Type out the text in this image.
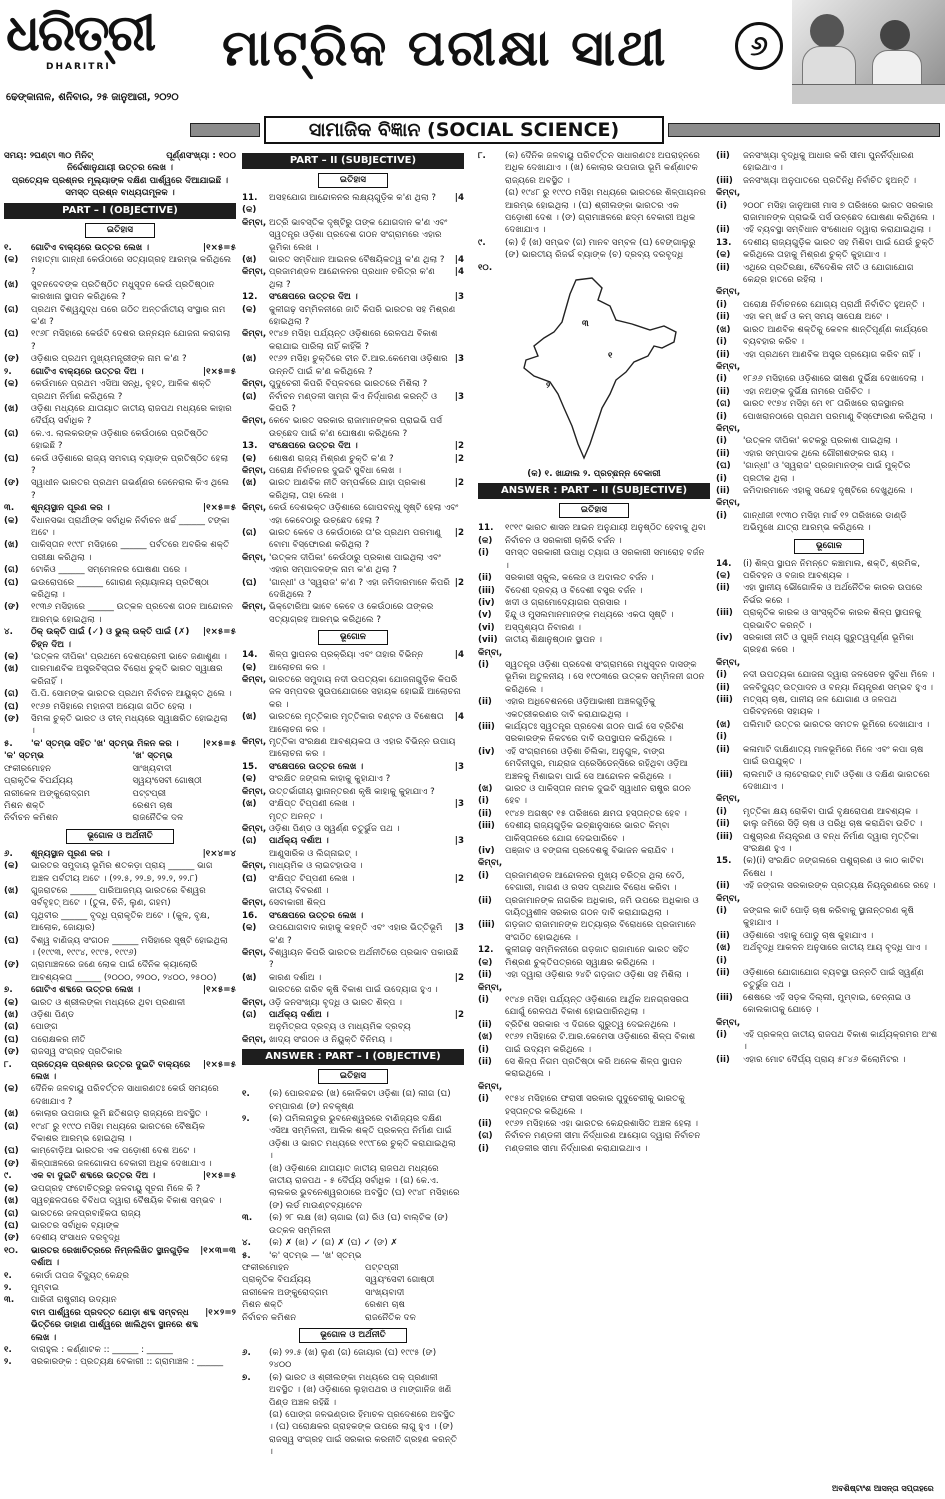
ଧରିତ୍ରୀ
DHARITRI
ଢେଙ୍କାନାଳ, ଶନିବାର, ୨୫ ଜାନୁଆରୀ, ୨୦୨୦
ମାଟ୍ରିକ ପରୀକ୍ଷା ସାଥୀ	୬
ସାମାଜିକ ବିଜ୍ଞାନ (SOCIAL SCIENCE)
ସମୟ: ୨ଘଣ୍ଟା ୩୦ ମିନିଟ୍	ପୂର୍ଣ୍ଣସଂଖ୍ୟା : ୧୦୦
ନିର୍ଦ୍ଦେଶାନୁଯାୟୀ ଉତ୍ତର ଲେଖ ।
ପ୍ରତ୍ୟେକ ପ୍ରଶ୍ନର ମୂଲ୍ୟାଙ୍କ ଦକ୍ଷିଣ ପାର୍ଶ୍ୱରେ ଦିଆଯାଇଛି ।
ସମସ୍ତ ପ୍ରଶ୍ନ ବାଧ୍ୟତାମୂଳକ ।
PART – I (OBJECTIVE)
ଇତିହାସ
୧.	ଗୋଟିଏ ବାକ୍ୟରେ ଉତ୍ତର ଲେଖ ।	|୧×୫=୫
(କ)	ମହାତ୍ମା ଗାନ୍ଧୀ କେଉଁଠାରେ ସତ୍ୟାଗ୍ରହ ଆରମ୍ଭ କରିଥିଲେ ?
(ଖ)	ସୁବନଦେବଙ୍କ ପ୍ରତିଷ୍ଠିତ ମଧୁସୂଦନ କେଉଁ ପ୍ରତିଷ୍ଠାନ କାରଖାନା ସ୍ଥାପନ କରିଥିଲେ ?
(ଗ)	ପ୍ରଥମ ବିଶ୍ୱଯୁଦ୍ଧ ପରେ ଗଠିତ ଅନ୍ତର୍ଜାତୀୟ ସଂସ୍ଥାର ନାମ କ'ଣ ?
(ଘ)	୧୯୬୮ ମସିହାରେ କେଉଁଟି ଦେଶର ଉନ୍ନୟନ ଯୋଜନା କରାଗଲା ?
(ଙ)	ଓଡ଼ିଶାର ପ୍ରଥମ ମୁଖ୍ୟମନ୍ତ୍ରୀଙ୍କ ନାମ କ'ଣ ?
୨.	ଗୋଟିଏ ବାକ୍ୟରେ ଉତ୍ତର ଦିଅ ।	|୧×୫=୫
(କ)	କେଉଁମାନେ ପ୍ରଥମ ଏସିଆ ସନ୍ଧି, ବୃହତ୍, ଆଳିକ ଶକ୍ତି ପ୍ରଥମ ନିର୍ମାଣ କରିଥିଲେ ?
(ଖ)	ଓଡ଼ିଶା ମଧ୍ୟରେ ଯାତାୟାତ ଜାତୀୟ ରାଜପଥ ମଧ୍ୟରେ କାହାର ଦୈର୍ଘ୍ୟ ସର୍ବାଧିକ ?
(ଗ)	କେ.ଏ. ଲାଲକରଙ୍କ ଓଡ଼ିଶାର କେଉଁଠାରେ ପ୍ରତିଷ୍ଠିତ ହୋଇଛି ?
(ଘ)	କେଉଁ ଓଡ଼ିଶାରେ ରାଜ୍ୟ ସମବାୟ ବ୍ୟାଙ୍କ ପ୍ରତିଷ୍ଠିତ ହେଲା ?
(ଙ)	ସ୍ୱାଧୀନ ଭାରତର ପ୍ରଥମ ଗଭର୍ଣ୍ଣର ଜେନେରାଲ କିଏ ଥିଲେ ?
୩.	ଶୂନ୍ୟସ୍ଥାନ ପୂରଣ କର ।	|୧×୫=୫
(କ)	ବିଧାନସଭା ପ୍ରାର୍ଥୀଙ୍କ ସର୍ବାଧିକ ନିର୍ବାଚନ ଖର୍ଚ୍ଚ ______ ଟଙ୍କା ଅଟେ ।
(ଖ)	ପାକିସ୍ତାନ ୧୯୯୮ ମସିହାରେ ______ ପର୍ବତରେ ଅବରିକ ଶକ୍ତି ପରୀକ୍ଷା କରିଥିଲା ।
(ଗ)	ଟୋକିଓ ______ ସମ୍ମେଳନର ଘୋଷଣା ପରେ ।
(ଘ)	ଇଉରୋପରେ ______ ଗୋରାଣ ନ୍ୟାୟାଳୟ ପ୍ରତିଷ୍ଠା କରିଥିଲା ।
(ଙ)	୧୯୩୬ ମସିହାରେ ______ ଉତ୍କଳ ପ୍ରଦେଶ ଗଠନ ଆନ୍ଦୋଳନ ଆରମ୍ଭ ହୋଇଥିଲା ।
୪.	ଠିକ୍ ଉକ୍ତି ପାଇଁ (✓) ଓ ଭୁଲ୍ ଉକ୍ତି ପାଇଁ (✗) ଚିହ୍ନ ଦିଅ ।
|୧×୫=୫
(କ)	'ଉତ୍କଳ ଦୀପିକା' ପ୍ରଥମେ ଦେଶପ୍ରେମୀ ଭାବେ ଜଣାଶୁଣା ।
(ଖ)	ପାରମାଣବିକ ଅସ୍ତ୍ରବିସ୍ତାର ବିରୋଧ ଚୁକ୍ତି ଭାରତ ସ୍ୱାକ୍ଷର କରିନାହିଁ ।
(ଗ)	ପି.ପି. ସୋମଙ୍କ ଭାରତର ପ୍ରଥମ ନିର୍ବାଚନ ଆୟୁକ୍ତ ଥିଲେ ।
(ଘ)	୧୯୬୭ ମସିହାରେ ମହାନଦୀ ଅୟୋଗ ଗଠିତ ହେଲା ।
(ଙ)	ସିମଳା ଚୁକ୍ତି ଭାରତ ଓ ଚୀନ୍ ମଧ୍ୟରେ ସ୍ୱାକ୍ଷରିତ ହୋଇଥିଲା ।
୫.	'କ' ସ୍ତମ୍ଭ ସହିତ 'ଖ' ସ୍ତମ୍ଭ ମିଳନ କର ।	|୧×୫=୫
'କ' ସ୍ତମ୍ଭ	'ଖ' ସ୍ତମ୍ଭ
ଫକୀରମୋହନ	ସାଂଖ୍ୟବାଦୀ
ପ୍ରାକୃତିକ ବିପର୍ଯ୍ୟୟ	ସ୍ୱୟଂସେବୀ ଗୋଷ୍ଠୀ
ନାରୀକେଳ ଅଙ୍କୁରୋଦ୍ଗମ	ପଟ୍ଟପ୍ରୀ
ମିଶନ ଶକ୍ତି	ରେଶମ ଚାଷ
ନିର୍ବାଚନ କମିଶନ	ରାଜନୈତିକ ଦଳ
ଭୂଗୋଳ ଓ ଅର୍ଥନୀତି
୬.	ଶୂନ୍ୟସ୍ଥାନ ପୂରଣ କର ।	|୧×୪=୪
(କ)	ଭାରତର ସମୁଦାୟ ଭୂମିର ଶତକଡ଼ା ପ୍ରାୟ ______ ଭାଗ ଅଞ୍ଚଳ ପର୍ବତୀୟ ଅଟେ । (୨୨.୫, ୨୨.୭, ୨୨.୨, ୨୨.୮)
(ଖ)	ଗୁଜରାଟରେ ______ ପାରିଆଜମ୍ୟ ଭାରତରେ ବିଶ୍ୱର ସର୍ବବୃହତ୍ ଅଟେ । (ତୁଳା, ଚିନି, ଲୁଣ, ଗହମ)
(ଗ)	ପୃଥିବୀର ______ ବୃଦ୍ଧି ପ୍ରାକୃତିକ ଅଟେ । (କୁଳ, ବୃକ୍ଷ, ଆଲୋକ, ଜୋୟାର)
(ଘ)	ବିଶ୍ୱ ବାଣିଜ୍ୟ ସଂଗଠନ ______ ମସିହାରେ ସୃଷ୍ଟି ହୋଇଥିଲା । (୧୯୯୩, ୧୯୯୪, ୧୯୯୫, ୧୯୯୬)
(ଙ)	ଗ୍ରାମାଞ୍ଚଳରେ ଜଣେ ଲୋକ ପାଇଁ ଦୈନିକ କ୍ୟାଲୋରି ଆବଶ୍ୟକତା ______ (୨୦୦୦, ୨୨୦୦, ୨୪୦୦, ୨୫୦୦)
୭.	ଗୋଟିଏ ଶବ୍ଦରେ ଉତ୍ତର ଲେଖ ।	|୧×୫=୫
(କ)	ଭାରତ ଓ ଶ୍ରୀଲଙ୍କା ମଧ୍ୟରେ ଥିବା ପ୍ରଣାଳୀ
(ଖ)	ଓଡ଼ିଶା ପିଣ୍ଡ
(ଗ)	ପୋଙ୍ଗ
(ଘ)	ପରୋକ୍ଷକର ନୀତି
(ଙ)	ରାଜସ୍ୱ ସଂଗ୍ରହ ପ୍ରତିକାର
୮.	ପ୍ରତ୍ୟେକ ପ୍ରଶ୍ନର ଉତ୍ତର ଦୁଇଟି ବାକ୍ୟରେ ଲେଖ ।
|୧×୫=୫
(କ)	ଦୈନିକ ଜଳବାୟୁ ପରିବର୍ତ୍ତନ ସାଧାରଣତଃ କେଉଁ ସମୟରେ ଦେଖାଯାଏ ?
(ଖ)	କୋଲାର ଉପଜାଉ ଭୂମି ଛତିଶଗଡ଼ ରାଜ୍ୟରେ ଅବସ୍ଥିତ ।
(ଗ)	୧୯୪୮ ରୁ ୧୯୯୦ ମସିହା ମଧ୍ୟରେ ଭାରତରେ ବୈଷୟିକ ବିକାଶର ଆରମ୍ଭ ହୋଇଥିଲା ।
(ଘ)	କାମ୍ବୋଡ଼ିଆ ଭାରତର ଏକ ପଡ଼ୋଶୀ ଦେଶ ଅଟେ ।
(ଙ)	ଶିଳ୍ପାଞ୍ଚଳରେ ଜଳଗୋଳାପ ବେକାରୀ ଅଧିକ ଦେଖାଯାଏ ।
୯.	ଏକ ବା ଦୁଇଟି ଶବ୍ଦରେ ଉତ୍ତର ଦିଅ ।	|୧×୫=୫
(କ)	ଉପଗ୍ରହ ଫଟୋଚିତ୍ରରୁ ଜଳବାୟୁ ସୂଚନା ମିଳେ କି ?
(ଖ)	ସ୍ୱଚ୍ଛଳତାରେ ବିବିଧତା ଦ୍ୱାରା ବୈଷୟିକ ବିକାଶ ସମ୍ଭବ ।
(ଗ)	ଭାରତରେ ଜଳପ୍ରବାହିକତା ରାଜ୍ୟ
(ଘ)	ଭାରତର ସର୍ବାଧିକ ବ୍ୟାଙ୍କ
(ଙ)	ଦେଶୀୟ ସଂସାଧନ ଦରବୃଦ୍ଧି
୧୦.	ଭାରତର ରେଖାଚିତ୍ରରେ ନିମ୍ନଲିଖିତ ସ୍ଥାନଗୁଡ଼ିକ ଦର୍ଶାଅ ।
|୧×୩=୩
୧.	କୋର୍ଡା ତାପଜ ବିଦ୍ୟୁତ୍ କେନ୍ଦ୍ର
୨.	ମୁମ୍ବାଇ
୩.	ପାରିଜୀ ରାଷ୍ଟ୍ରୀୟ ଉଦ୍ୟାନ
ବାମ ପାର୍ଶ୍ୱରେ ପ୍ରଦତ୍ତ ଯୋଡ଼ା ଶବ୍ଦ ସମ୍ବନ୍ଧ ଭିତ୍ତିରେ ଡାହାଣ ପାର୍ଶ୍ୱରେ ଖାଲିଥିବା ସ୍ଥାନରେ ଶବ୍ଦ ଲେଖ ।
|୧×୨=୨
୧.	ଦାରାହୁଲ : କର୍ଣ୍ଣାଟକ :: ______ : ______
୨.	ସରକାରଙ୍କ : ପ୍ରତ୍ୟକ୍ଷ ବେକାରୀ :: ଗ୍ରାମାଞ୍ଚଳ : ______
PART – II (SUBJECTIVE)
ଇତିହାସ
11.(କ)
ଅସହଯୋଗ ଆନ୍ଦୋଳନର ଲକ୍ଷ୍ୟଗୁଡ଼ିକ କ'ଣ ଥିଲା ?	|4
କିମ୍ବା, ଅତ୍ରି ଭାବସ୍ତିକ ଦୃଷ୍ଟିରୁ ତାଙ୍କ ଯୋଗଦାନ କ'ଣ ଏବଂ ସ୍ୱତନ୍ତ୍ର ଓଡ଼ିଶା ପ୍ରଦେଶ ଗଠନ ସଂଗ୍ରାମରେ ଏହାର ଭୂମିକା ଲେଖ ।
(ଖ)	ଭାରତ ସମ୍ବିଧାନ ଆଇନର ବୈଷୟିକତ୍ୱ କ'ଣ ଥିଲା ?	|4
କିମ୍ବା, ପ୍ରଜାମଣ୍ଡଳ ଆନ୍ଦୋଳନର ପ୍ରଧାନ ଚରିତ୍ର କ'ଣ ଥିଲା ?
|4
12.	ସଂକ୍ଷେପରେ ଉତ୍ତର ଦିଅ ।	|3
(କ)	କୁଳୀଗଢ଼ ସମ୍ମିଳନୀରେ ଜାତି କିପରି ଭାରତର ସହ ମିଶ୍ରଣ ହୋଇଥିଲା ?
କିମ୍ବା, ୧୯୪୭ ମସିହା ପର୍ଯ୍ୟନ୍ତ ଓଡ଼ିଶାରେ ରେଳପଥ ବିକାଶ କରାଯାଇ ପାରିଲା ନାହିଁ କାହିଁକି ?
(ଖ)	୧୯୬୨ ମସିହା ଚୁକ୍ତିରେ ଚୀନ ଟି.ଆର.କେମେସା ଓଡ଼ିଶାର ଉନ୍ନତି ପାଇଁ କ'ଣ କରିଥିଲେ ?
|3
କିମ୍ବା, ପୁଦୁଚେରୀ କିପରି ବିପ୍ଳବରେ ଭାରତରେ ମିଶିଲା ?
(ଗ)	ନିର୍ବାଚନ ମଣ୍ଡଳୀ ସାମ୍ନା କିଏ ନିର୍ଦ୍ଧାରଣ କରନ୍ତି ଓ କିପରି ?
|3
କିମ୍ବା, କେବେ ଭାରତ ସରକାର ରାଜାମାନଙ୍କର ପ୍ରାଇଭି ପର୍ସ ଉଚ୍ଛେଦ ପାଇଁ କ'ଣ ଘୋଷଣା କରିଥିଲେ ?
13.	ସଂକ୍ଷେପରେ ଉତ୍ତର ଦିଅ ।	|2
(କ)	ଶୋଷଣ ରାଜ୍ୟ ମିଶ୍ରଣ ଚୁକ୍ତି କ'ଣ ?	|2
କିମ୍ବା, ପରୋକ୍ଷ ନିର୍ବାଚନର ଦୁଇଟି ସୁବିଧା ଲେଖ ।
(ଖ)	ଭାରତ ଆଣବିକ ନୀତି ସମ୍ପର୍କରେ ଯାହା ପ୍ରକାଶ କରିଥିଲା, ତାହା ଲେଖ ।
|2
କିମ୍ବା, କେଉଁ ଦେଶଭକ୍ତ ଓଡ଼ିଶାରେ ଗୋପବନ୍ଧୁ ସୃଷ୍ଟି ହେଲା ଏବଂ ଏହା କେବେଠାରୁ ଉଚ୍ଛେଦ ହେଲା ?
(ଗ)	ଭାରତ କେବେ ଓ କେଉଁଠାରେ ତା'ର ପ୍ରଥମ ପରମାଣୁ ବୋମା ବିସ୍ଫୋରଣ କରିଥିଲା ?
|2
କିମ୍ବା, 'ଉତ୍କଳ ଦୀପିକା' କେଉଁଠାରୁ ପ୍ରକାଶ ପାଇଥିଲା ଏବଂ ଏହାର ସମ୍ପାଦକଙ୍କ ନାମ କ'ଣ ଥିଲା ?
(ଘ)	'ଗାନ୍ଧୀ' ଓ 'ସ୍ୱରାଜ' କ'ଣ ? ଏହା ଜମିଦାରମାନେ କିପରି ଦେଖିଥିଲେ ?
|2
କିମ୍ବା, ଭିକ୍ଟୋରିଆ ଭାବେ କେବେ ଓ କେଉଁଠାରେ ତାଙ୍କର ସତ୍ୟାଗ୍ରହ ଆରମ୍ଭ କରିଥିଲେ ?
ଭୂଗୋଳ
14.(କ)
ଶିଳ୍ପ ସ୍ଥାପନର ପ୍ରକ୍ରିୟା ଏବଂ ତାହାର ବିଭିନ୍ନ ଆଲୋଚନା କର ।
|4
କିମ୍ବା, ଭାରତରେ ସମୁଦାୟ ନଦୀ ଉପତ୍ୟକା ଯୋଜନାଗୁଡ଼ିକ କିପରି ଜଳ ସମ୍ପଦର ସୁଉପଯୋଗରେ ସହାୟକ ହୋଇଛି ଆଲୋଚନା କର ।
(ଖ)	ଭାରତରେ ମୃତ୍ତିକାର ମୃତ୍ତିକାର ବଣ୍ଟନ ଓ ବିଶେଷତା ଆଲୋଚନା କର ।
|4
କିମ୍ବା, ମୃତ୍ତିକା ସଂରକ୍ଷଣ ଆବଶ୍ୟକତା ଓ ଏହାର ବିଭିନ୍ନ ଉପାୟ ଆଲୋଚନା କର ।
15.	ସଂକ୍ଷେପରେ ଉତ୍ତର ଲେଖ ।	|3
(କ)	ସଂରକ୍ଷିତ ଜଙ୍ଗଲ କାହାକୁ କୁହାଯାଏ ?
କିମ୍ବା, ଉତ୍ତର୍ଭାଗୀୟ ସ୍ଥାନାନ୍ତରଣ କୃଷି କାହାକୁ କୁହାଯାଏ ?
(ଖ)	ସଂକ୍ଷିପ୍ତ ଟିପ୍ପଣୀ ଲେଖ ।	|3
ମୃତ୍ତ ଅନନ୍ତ ।
କିମ୍ବା, ଓଡ଼ିଶା ପିଣ୍ଡ ଓ ସ୍ୱର୍ଣ୍ଣ ଚତୁର୍ଭୁଜ ପଥ ।
(ଗ)	ପାର୍ଥକ୍ୟ ଦର୍ଶାଅ ।	|3
ଆଣୁସାରିକ ଓ ଲିଗ୍ନାଇଟ୍ ।
କିମ୍ବା, ମାଧ୍ୟମିକ ଓ ଲାଇଟହାଉସ ।
(ଘ)	ସଂକ୍ଷିପ୍ତ ଟିପ୍ପଣୀ ଲେଖ ।	|2
ଜାତୀୟ ବିବରଣୀ ।
କିମ୍ବା, ସେବାକାରୀ ଶିଳ୍ପ
16.	ସଂକ୍ଷେପରେ ଉତ୍ତର ଲେଖ ।
(କ)	ଉପଯୋଗବାଦ କାହାକୁ କହନ୍ତି ଏବଂ ଏହାର ଭିତ୍ତିଭୂମି କ'ଣ ?
|3
କିମ୍ବା, ବିଶ୍ୱାୟନ କିପରି ଭାରତର ଅର୍ଥନୀତିରେ ପ୍ରଭାବ ପକାଉଛି ?
(ଖ)	କାରଣ ଦର୍ଶାଅ ।	|2
ଭାରତରେ ଗରିବ କୃଷି ବିକାଶ ପାଇଁ ଉଦ୍ୟୋଗ ହୁଏ ।
କିମ୍ବା, ଓଡ଼ି ଜନସଂଖ୍ୟା ବୃଦ୍ଧି ଓ ଭାରତ ଶିଳ୍ପ ।
(ଗ)	ପାର୍ଥକ୍ୟ ଦର୍ଶାଅ ।	|2
ଅନୁମିତ୍ରତା ଦ୍ରବ୍ୟ ଓ ମାଧ୍ୟମିକ ଦ୍ରବ୍ୟ
କିମ୍ବା, ଖାଦ୍ୟ ସଂଗଠନ ଓ ନିୟୁକ୍ତି ବିନିମୟ ।
ANSWER : PART – I (OBJECTIVE)
ଇତିହାସ
୧.	(କ) ପୋରବନ୍ଦର (ଖ) କୋଳିକଟା ଓଡ଼ିଶା (ଗ) ଲୀଗ (ଘ) ଚମ୍ପାରଣ (ଙ) ନବକୃଷ୍ଣ
୨.	(କ) ତାମିଲନାଡୁର ଭୁବନେଶ୍ୱରରେ ବାଣିଜ୍ୟର ଦକ୍ଷିଣ ଏସିଆ ସମ୍ମିଳନୀ, ଆଲିକ ଶକ୍ତି ପ୍ରକଳ୍ପ ନିର୍ମାଣ ପାଇଁ ଓଡ଼ିଶା ଓ ଭାରତ ମଧ୍ୟରେ ୧୯୯୮ରେ ଚୁକ୍ତି କରାଯାଇଥିଲା ।
(ଖ) ଓଡ଼ିଶାରେ ଯାତାୟାତ ଜାତୀୟ ରାଜପଥ ମଧ୍ୟରେ ଜାତୀୟ ରାଜପଥ - ୫ ଦୈର୍ଘ୍ୟ ସର୍ବାଧିକ । (ଗ) କେ.ଏ. ଲାଲକର ଭୁବନେଶ୍ୱରଠାରେ ଅବସ୍ଥିତ (ଘ) ୧୯୪୮ ମସିହାରେ (ଙ) ଲର୍ଡ ମାଉଣ୍ଟବ୍ୟାଟେନ
୩.	(କ) ୨୮ ଲକ୍ଷ (ଖ) ଚାଗାଇ (ଗ) ରିଓ (ଘ) ବାଲ୍ଟିକ (ଙ) ଉତ୍କଳ ସମ୍ମିଳନୀ
୪.	(କ) ✗ (ଖ) ✓ (ଗ) ✗ (ଘ) ✓ (ଙ) ✗
୫.	'କ' ସ୍ତମ୍ଭ — 'ଖ' ସ୍ତମ୍ଭ
ଫକୀରମୋହନ	ପଟ୍ଟପ୍ରୀ
ପ୍ରାକୃତିକ ବିପର୍ଯ୍ୟୟ	ସ୍ୱୟଂସେବୀ ଗୋଷ୍ଠୀ
ନାରୀକେଳ ଅଙ୍କୁରୋଦ୍ଗମ	ସାଂଖ୍ୟବାଦୀ
ମିଶନ ଶକ୍ତି	ରେଶମ ଚାଷ
ନିର୍ବାଚନ କମିଶନ	ରାଜନୈତିକ ଦଳ
ଭୂଗୋଳ ଓ ଅର୍ଥନୀତି
୬.	(କ) ୨୨.୫ (ଖ) ଲୁଣ (ଗ) ଜୋୟାର (ଘ) ୧୯୯୫ (ଙ) ୨୪୦୦
୭.	(କ) ଭାରତ ଓ ଶ୍ରୀଲଙ୍କା ମଧ୍ୟରେ ପକ୍ ପ୍ରଣାଳୀ ଅବସ୍ଥିତ । (ଖ) ଓଡ଼ିଶାରେ ଲୁହାପଥର ଓ ମାଙ୍ଗାନିଜ ଖଣି ପିଣ୍ଡ ଅଞ୍ଚଳ ରହିଛି ।
(ଗ) ପୋଙ୍ଗ ଜଳଭଣ୍ଡାର ହିମାଚଳ ପ୍ରଦେଶରେ ଅବସ୍ଥିତ । (ଘ) ପରୋକ୍ଷକର ଗ୍ରାହକଙ୍କ ଉପରେ ଲାଗୁ ହୁଏ । (ଙ) ରାଜସ୍ୱ ସଂଗ୍ରହ ପାଇଁ ସରକାର କରନୀତି ଗ୍ରହଣ କରନ୍ତି ।
୮.	(କ) ଦୈନିକ ଜଳବାୟୁ ପରିବର୍ତ୍ତନ ସାଧାରଣତଃ ଅପରାହ୍ନରେ ଅଧିକ ଦେଖାଯାଏ । (ଖ) କୋଲାର ଉପଜାଉ ଭୂମି କର୍ଣ୍ଣାଟକ ରାଜ୍ୟରେ ଅବସ୍ଥିତ ।
(ଗ) ୧୯୪୮ ରୁ ୧୯୯୦ ମସିହା ମଧ୍ୟରେ ଭାରତରେ ଶିଳ୍ପାୟନର ଆରମ୍ଭ ହୋଇଥିଲା । (ଘ) ଶ୍ରୀଲଙ୍କା ଭାରତର ଏକ ପଡ଼ୋଶୀ ଦେଶ । (ଙ) ଗ୍ରାମାଞ୍ଚଳରେ ଛଦ୍ମ ବେକାରୀ ଅଧିକ ଦେଖାଯାଏ ।
୯.	(କ) ହଁ (ଖ) ସମ୍ଭବ (ଗ) ମାନବ ସମ୍ବଳ (ଘ) ବେଙ୍ଗାଲୁରୁ (ଙ) ଭାରତୀୟ ରିଜର୍ଭ ବ୍ୟାଙ୍କ (ଚ) ଦ୍ରବ୍ୟ ଦରବୃଦ୍ଧି
୧୦.
୩
୧
୨
(କ) ୧. ଖାନ୍ଦାଲ ୨. ପ୍ରଚ୍ଛନ୍ନ ବେକାରୀ
ANSWER : PART – II (SUBJECTIVE)
ଇତିହାସ
11.(କ)
୧୯୧୯ ଭାରତ ଶାସନ ଆଇନ ଅନୁଯାୟୀ ଅନୁଷ୍ଠିତ ହେବାକୁ ଥିବା ନିର୍ବାଚନ ଓ ସରକାରୀ ଚାକିରି ବର୍ଜନ ।
(i)	ସମସ୍ତ ସରକାରୀ ଉପାଧି ତ୍ୟାଗ ଓ ସରକାରୀ ସମାରୋହ ବର୍ଜନ ।
(ii)	ସରକାରୀ ସ୍କୁଲ, କଲେଜ ଓ ଅଦାଲତ ବର୍ଜନ ।
(iii)	ବିଦେଶୀ ଦ୍ରବ୍ୟ ଓ ବିଦେଶୀ ବସ୍ତ୍ର ବର୍ଜନ ।
(iv)	ଖଦୀ ଓ ଗ୍ରାମୋଦ୍ୟୋଗର ପ୍ରସାର ।
(v)	ହିନ୍ଦୁ ଓ ମୁସଲମାନମାନଙ୍କ ମଧ୍ୟରେ ଏକତା ସୃଷ୍ଟି ।
(vi)	ଅସ୍ପୃଶ୍ୟତା ନିବାରଣ ।
(vii) ଜାତୀୟ ଶିକ୍ଷାନୁଷ୍ଠାନ ସ୍ଥାପନ ।
କିମ୍ବା,
(i)	ସ୍ୱତନ୍ତ୍ର ଓଡ଼ିଶା ପ୍ରଦେଶ ସଂଗ୍ରାମରେ ମଧୁସୂଦନ ଦାସଙ୍କ ଭୂମିକା ଅତୁଳନୀୟ । ସେ ୧୯୦୩ରେ ଉତ୍କଳ ସମ୍ମିଳନୀ ଗଠନ କରିଥିଲେ ।
(ii)	ଏହାର ଅଧିବେଶନରେ ଓଡ଼ିଆଭାଷୀ ଅଞ୍ଚଳଗୁଡ଼ିକୁ ଏକତ୍ରୀକରଣର ଦାବି କରାଯାଇଥିଲା ।
(iii)	କାର୍ଯ୍ୟତଃ ସ୍ୱତନ୍ତ୍ର ପ୍ରଦେଶ ଗଠନ ପାଇଁ ସେ ବ୍ରିଟିଶ ସରକାରଙ୍କ ନିକଟରେ ଦାବି ଉପସ୍ଥାପନ କରିଥିଲେ ।
(iv)	ଏହି ସଂଗ୍ରାମରେ ଓଡ଼ିଶା ଚିଲିକା, ଅନୁଗୁଳ, ବାଙ୍ଗ ମେଦିନୀପୁର, ମାନ୍ଦ୍ରାଜ ପ୍ରେସିଡେନ୍ସିରେ ରହିଥିବା ଓଡ଼ିଆ ଅଞ୍ଚଳକୁ ମିଶାଇବା ପାଇଁ ସେ ଆନ୍ଦୋଳନ କରିଥିଲେ ।
(ଖ)(i)
ଭାରତ ଓ ପାକିସ୍ତାନ ନାମକ ଦୁଇଟି ସ୍ୱାଧୀନ ରାଷ୍ଟ୍ର ଗଠନ ହେବ ।
(ii)	୧୯୪୭ ଅଗଷ୍ଟ ୧୫ ତାରିଖରେ କ୍ଷମତା ହସ୍ତାନ୍ତର ହେବ ।
(iii)	ଦେଶୀୟ ରାଜ୍ୟଗୁଡ଼ିକ ଇଚ୍ଛାନୁସାରେ ଭାରତ କିମ୍ବା ପାକିସ୍ତାନରେ ଯୋଗ ଦେଇପାରିବେ ।
(iv)	ପଞ୍ଜାବ ଓ ବଙ୍ଗଳା ପ୍ରଦେଶକୁ ବିଭାଜନ କରାଯିବ ।
କିମ୍ବା,
(i)	ପ୍ରଜାମଣ୍ଡଳ ଆନ୍ଦୋଳନର ମୁଖ୍ୟ ଚରିତ୍ର ଥିଲା ବେଠି, ବେଗାରୀ, ମାଗଣ ଓ ରସଦ ପ୍ରଥାର ବିରୋଧ କରିବା ।
(ii)	ପ୍ରଜାମାନଙ୍କ ନାଗରିକ ଅଧିକାର, ଜମି ଉପରେ ଅଧିକାର ଓ ଦାୟିତ୍ୱଶୀଳ ସରକାର ଗଠନ ଦାବି କରାଯାଇଥିଲା ।
(iii)	ଗଡ଼ଜାତ ରାଜାମାନଙ୍କ ଅତ୍ୟାଚାର ବିରୋଧରେ ପ୍ରଜାମାନେ ସଂଗଠିତ ହୋଇଥିଲେ ।
12.(କ)
କୁଳୀଗଢ଼ ସମ୍ମିଳନୀରେ ଗଡ଼ଜାତ ରାଜାମାନେ ଭାରତ ସହିତ ମିଶ୍ରଣ ଚୁକ୍ତିପତ୍ରରେ ସ୍ୱାକ୍ଷର କରିଥିଲେ ।
(ii)	ଏହା ଦ୍ୱାରା ଓଡ଼ିଶାର ୨୪ଟି ଗଡ଼ଜାତ ଓଡ଼ିଶା ସହ ମିଶିଲା ।
କିମ୍ବା,
(i)	୧୯୪୭ ମସିହା ପର୍ଯ୍ୟନ୍ତ ଓଡ଼ିଶାରେ ଆର୍ଥିକ ଅନଗ୍ରସରତା ଯୋଗୁଁ ରେଳପଥ ବିକାଶ ହୋଇପାରିନଥିଲା ।
(ii)	ବ୍ରିଟିଶ ସରକାର ଏ ଦିଗରେ ଗୁରୁତ୍ୱ ଦେଇନଥିଲେ ।
(ଖ)(i)
୧୯୬୨ ମସିହାରେ ଟି.ଆର.କେମେସା ଓଡ଼ିଶାରେ ଶିଳ୍ପ ବିକାଶ ପାଇଁ ଉଦ୍ୟମ କରିଥିଲେ ।
(ii)	ସେ ଶିଳ୍ପ ନିଗମ ପ୍ରତିଷ୍ଠା କରି ଅନେକ ଶିଳ୍ପ ସ୍ଥାପନ କରାଇଥିଲେ ।
କିମ୍ବା,
(i)	୧୯୫୪ ମସିହାରେ ଫରାସୀ ସରକାର ପୁଦୁଚେରୀକୁ ଭାରତକୁ ହସ୍ତାନ୍ତର କରିଥିଲେ ।
(ii)	୧୯୬୨ ମସିହାରେ ଏହା ଭାରତର କେନ୍ଦ୍ରଶାସିତ ଅଞ୍ଚଳ ହେଲା ।
(ଗ)(i)
ନିର୍ବାଚନ ମଣ୍ଡଳୀ ସୀମା ନିର୍ଦ୍ଧାରଣ ଆୟୋଗ ଦ୍ୱାରା ନିର୍ବାଚନ ମଣ୍ଡଳୀର ସୀମା ନିର୍ଦ୍ଧାରଣ କରାଯାଇଥାଏ ।
(ii)	ଜନସଂଖ୍ୟା ବୃଦ୍ଧିକୁ ଆଧାର କରି ସୀମା ପୁନର୍ନିର୍ଦ୍ଧାରଣ ହୋଇଥାଏ ।
(iii)	ଜନସଂଖ୍ୟା ଅନୁପାତରେ ପ୍ରତିନିଧି ନିର୍ବାଚିତ ହୁଅନ୍ତି ।
କିମ୍ବା,
(i)	୨୦୦୮ ମସିହା ଜାନୁଆରୀ ମାସ ୭ ତାରିଖରେ ଭାରତ ସରକାର ରାଜାମାନଙ୍କ ପ୍ରାଇଭି ପର୍ସ ଉଚ୍ଛେଦ ଘୋଷଣା କରିଥିଲେ ।
(ii)	ଏହି ବ୍ୟବସ୍ଥା ସମ୍ବିଧାନ ସଂଶୋଧନ ଦ୍ୱାରା କରାଯାଇଥିଲା ।
13.(କ)
ଦେଶୀୟ ରାଜ୍ୟଗୁଡ଼ିକ ଭାରତ ସହ ମିଶିବା ପାଇଁ ଯେଉଁ ଚୁକ୍ତି କରିଥିଲେ ତାହାକୁ ମିଶ୍ରଣ ଚୁକ୍ତି କୁହାଯାଏ ।
(ii)	ଏଥିରେ ପ୍ରତିରକ୍ଷା, ବୈଦେଶିକ ନୀତି ଓ ଯୋଗାଯୋଗ କେନ୍ଦ୍ର ହାତରେ ରହିଲା ।
କିମ୍ବା,
(i)	ପରୋକ୍ଷ ନିର୍ବାଚନରେ ଯୋଗ୍ୟ ପ୍ରାର୍ଥୀ ନିର୍ବାଚିତ ହୁଅନ୍ତି ।
(ii)	ଏହା କମ୍ ଖର୍ଚ୍ଚ ଓ କମ୍ ସମୟ ସାପେକ୍ଷ ଅଟେ ।
(ଖ)(i)
ଭାରତ ଆଣବିକ ଶକ୍ତିକୁ କେବଳ ଶାନ୍ତିପୂର୍ଣ୍ଣ କାର୍ଯ୍ୟରେ ବ୍ୟବହାର କରିବ ।
(ii)	ଏହା ପ୍ରଥମେ ଆଣବିକ ଅସ୍ତ୍ର ପ୍ରୟୋଗ କରିବ ନାହିଁ ।
କିମ୍ବା,
(i)	୧୮୬୬ ମସିହାରେ ଓଡ଼ିଶାରେ ଭୀଷଣ ଦୁର୍ଭିକ୍ଷ ଦେଖାଦେଲା ।
(ii)	ଏହା ନଅଙ୍କ ଦୁର୍ଭିକ୍ଷ ନାମରେ ପରିଚିତ ।
(ଗ)(i)
ଭାରତ ୧୯୭୪ ମସିହା ମେ ୧୮ ତାରିଖରେ ରାଜସ୍ଥାନର ପୋଖରାନଠାରେ ପ୍ରଥମ ପରମାଣୁ ବିସ୍ଫୋରଣ କରିଥିଲା ।
କିମ୍ବା,
(i)	'ଉତ୍କଳ ଦୀପିକା' କଟକରୁ ପ୍ରକାଶ ପାଇଥିଲା ।
(ii)	ଏହାର ସମ୍ପାଦକ ଥିଲେ ଗୌରୀଶଙ୍କର ରାୟ ।
(ଘ)(i)
'ଗାନ୍ଧୀ' ଓ 'ସ୍ୱରାଜ' ପ୍ରଜାମାନଙ୍କ ପାଇଁ ମୁକ୍ତିର ପ୍ରତୀକ ଥିଲା ।
(ii)	ଜମିଦାରମାନେ ଏହାକୁ ସନ୍ଦେହ ଦୃଷ୍ଟିରେ ଦେଖୁଥିଲେ ।
କିମ୍ବା,
(i)	ଗାନ୍ଧୀଜୀ ୧୯୩୦ ମସିହା ମାର୍ଚ୍ଚ ୧୨ ତାରିଖରେ ଡାଣ୍ଡି ଅଭିମୁଖେ ଯାତ୍ରା ଆରମ୍ଭ କରିଥିଲେ ।
ଭୂଗୋଳ
14.(କ)
(i) ଶିଳ୍ପ ସ୍ଥାପନ ନିମନ୍ତେ କଞ୍ଚାମାଲ, ଶକ୍ତି, ଶ୍ରମିକ, ପରିବହନ ଓ ବଜାର ଆବଶ୍ୟକ ।
(ii)	ଏହା ସ୍ଥାନୀୟ ଭୌଗୋଳିକ ଓ ଅର୍ଥନୈତିକ କାରକ ଉପରେ ନିର୍ଭର କରେ ।
(iii)	ପ୍ରାକୃତିକ କାରକ ଓ ସାଂସ୍କୃତିକ କାରକ ଶିଳ୍ପ ସ୍ଥାପନକୁ ପ୍ରଭାବିତ କରନ୍ତି ।
(iv)	ସରକାରୀ ନୀତି ଓ ପୁଞ୍ଜି ମଧ୍ୟ ଗୁରୁତ୍ୱପୂର୍ଣ୍ଣ ଭୂମିକା ଗ୍ରହଣ କରେ ।
କିମ୍ବା,
(i)	ନଦୀ ଉପତ୍ୟକା ଯୋଜନା ଦ୍ୱାରା ଜଳସେଚନ ସୁବିଧା ମିଳେ ।
(ii)	ଜଳବିଦ୍ୟୁତ୍ ଉତ୍ପାଦନ ଓ ବନ୍ୟା ନିୟନ୍ତ୍ରଣ ସମ୍ଭବ ହୁଏ ।
(iii)	ମତ୍ସ୍ୟ ଚାଷ, ପାନୀୟ ଜଳ ଯୋଗାଣ ଓ ଜଳପଥ ପରିବହନରେ ସହାୟକ ।
(ଖ)(i)
ପଲିମାଟି ଉତ୍ତର ଭାରତର ସମତଳ ଭୂମିରେ ଦେଖାଯାଏ ।
(ii)	କଳାମାଟି ଦାକ୍ଷିଣାତ୍ୟ ମାଳଭୂମିରେ ମିଳେ ଏବଂ କପା ଚାଷ ପାଇଁ ଉପଯୁକ୍ତ ।
(iii)	ଲାଲମାଟି ଓ ଲାଟେରାଇଟ୍ ମାଟି ଓଡ଼ିଶା ଓ ଦକ୍ଷିଣ ଭାରତରେ ଦେଖାଯାଏ ।
କିମ୍ବା,
(i)	ମୃତ୍ତିକା କ୍ଷୟ ରୋକିବା ପାଇଁ ବୃକ୍ଷରୋପଣ ଆବଶ୍ୟକ ।
(ii)	ଢାଲୁ ଜମିରେ ସିଡ଼ି ଚାଷ ଓ ପରିଧି ଚାଷ କରାଯିବା ଉଚିତ ।
(iii)	ପଶୁଚାରଣ ନିୟନ୍ତ୍ରଣ ଓ ବନ୍ଧ ନିର୍ମାଣ ଦ୍ୱାରା ମୃତ୍ତିକା ସଂରକ୍ଷଣ ହୁଏ ।
15.	(କ)(i) ସଂରକ୍ଷିତ ଜଙ୍ଗଲରେ ପଶୁଚାରଣ ଓ କାଠ କାଟିବା ନିଷେଧ ।
(ii)	ଏହି ଜଙ୍ଗଲ ସରକାରଙ୍କ ପ୍ରତ୍ୟକ୍ଷ ନିୟନ୍ତ୍ରଣରେ ରହେ ।
କିମ୍ବା,
(i)	ଜଙ୍ଗଲ କାଟି ପୋଡ଼ି ଚାଷ କରିବାକୁ ସ୍ଥାନାନ୍ତରଣ କୃଷି କୁହାଯାଏ ।
(ii)	ଓଡ଼ିଶାରେ ଏହାକୁ ପୋଡୁ ଚାଷ କୁହାଯାଏ ।
(ଖ)(i)
ଅର୍ଥବୃଦ୍ଧି ଆକଳନ ଅନୁସାରେ ଜାତୀୟ ଆୟ ବୃଦ୍ଧି ପାଏ ।
(ii)	ଓଡ଼ିଶାରେ ଯୋଗାଯୋଗ ବ୍ୟବସ୍ଥା ଉନ୍ନତି ପାଇଁ ସ୍ୱର୍ଣ୍ଣ ଚତୁର୍ଭୁଜ ପଥ ।
(iii)	ଶେଷରେ ଏହି ସଡ଼କ ଦିଲ୍ଲୀ, ମୁମ୍ବାଇ, ଚେନ୍ନାଇ ଓ କୋଲକାତାକୁ ଯୋଡ଼େ ।
କିମ୍ବା,
(i)	ଏହି ପ୍ରକଳ୍ପ ଜାତୀୟ ରାଜପଥ ବିକାଶ କାର୍ଯ୍ୟକ୍ରମର ଅଂଶ ।
(ii)	ଏହାର ମୋଟ ଦୈର୍ଘ୍ୟ ପ୍ରାୟ ୫୮୪୬ କିଲୋମିଟର ।
ଅବଶିଷ୍ଟାଂଶ ଆସନ୍ତା ସପ୍ତାହରେ
